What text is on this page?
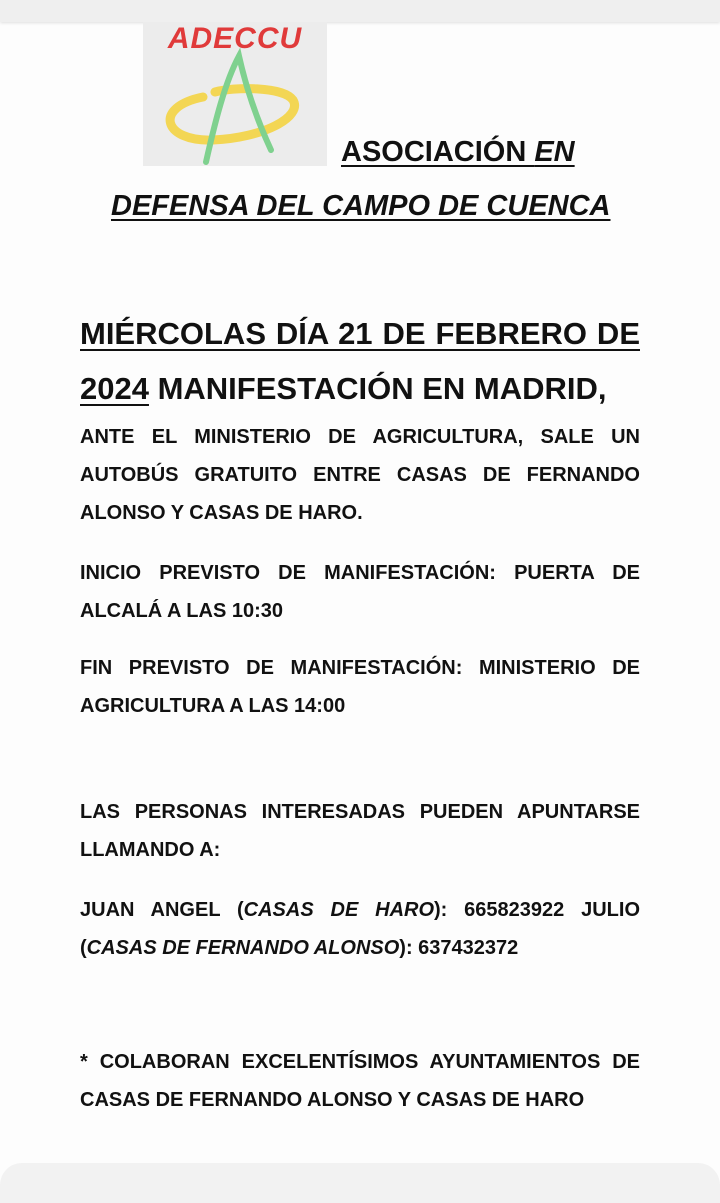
ADECCU
ASOCIACIÓN EN
DEFENSA DEL CAMPO DE CUENCA
MIÉRCOLAS DÍA 21 DE FEBRERO DE
2024 MANIFESTACIÓN EN MADRID,
ANTE EL MINISTERIO DE AGRICULTURA, SALE UN
AUTOBÚS GRATUITO ENTRE CASAS DE FERNANDO
ALONSO Y CASAS DE HARO.
INICIO PREVISTO DE MANIFESTACIÓN: PUERTA DE
ALCALÁ A LAS 10:30
FIN PREVISTO DE MANIFESTACIÓN: MINISTERIO DE
AGRICULTURA A LAS 14:00
LAS PERSONAS INTERESADAS PUEDEN APUNTARSE
LLAMANDO A:
JUAN ANGEL (CASAS DE HARO): 665823922 JULIO
(CASAS DE FERNANDO ALONSO): 637432372
* COLABORAN EXCELENTÍSIMOS AYUNTAMIENTOS DE
CASAS DE FERNANDO ALONSO Y CASAS DE HARO
